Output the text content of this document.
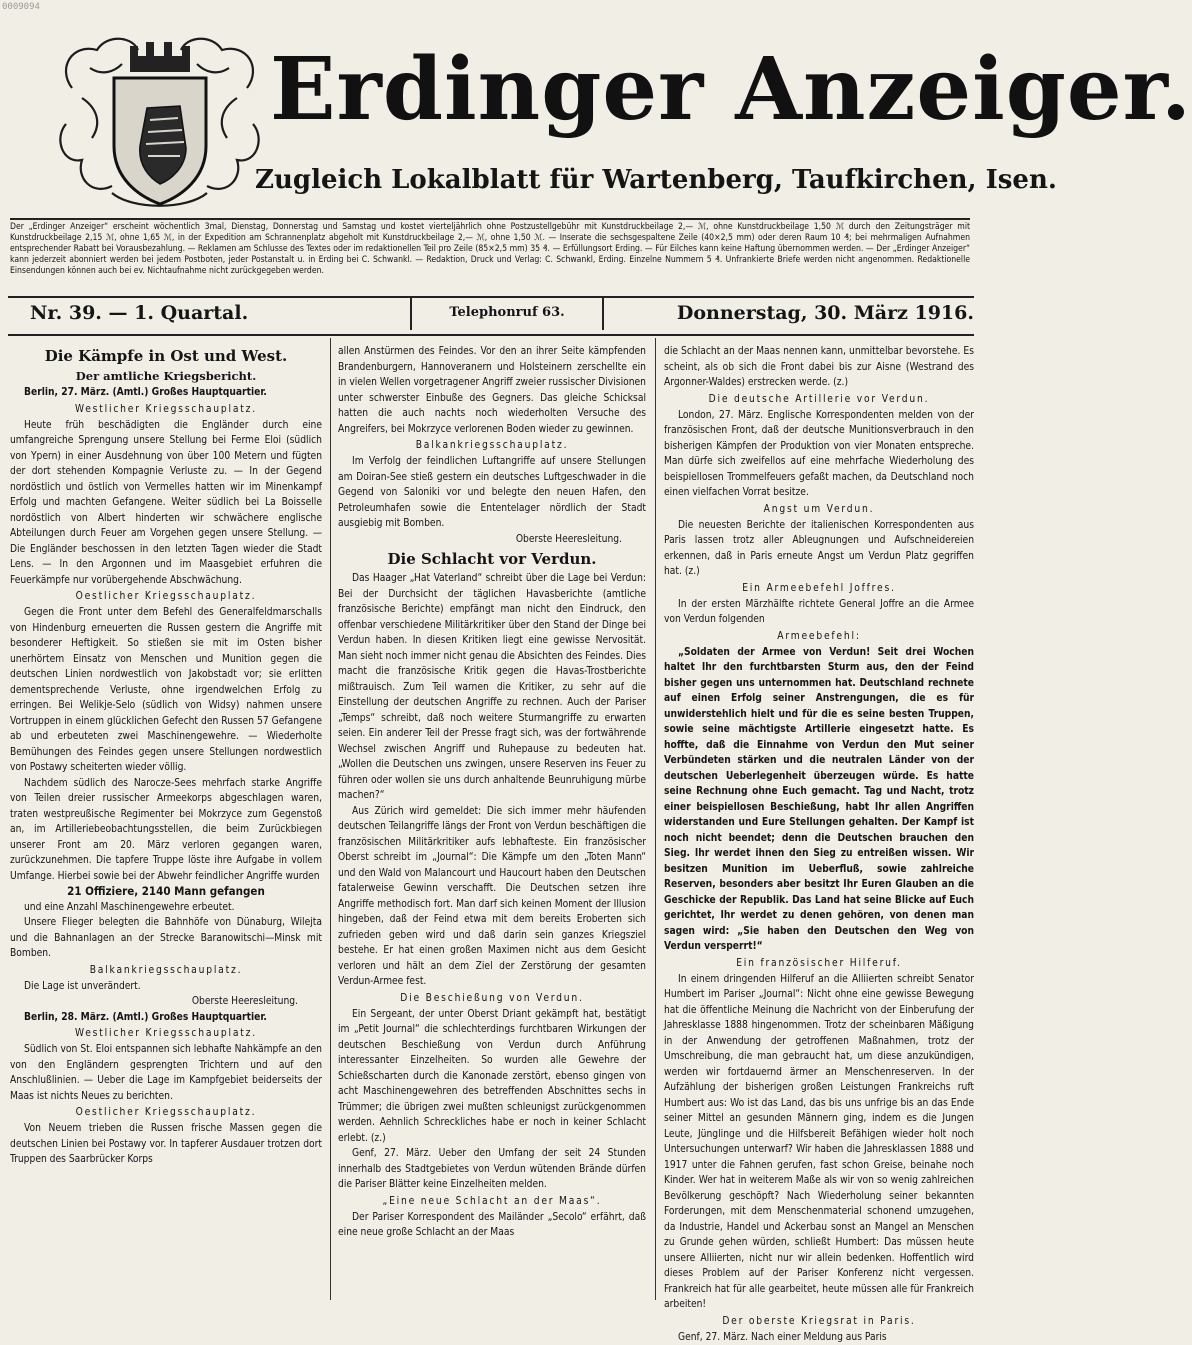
0009094
Erdinger Anzeiger.
Zugleich Lokalblatt für Wartenberg, Taufkirchen, Isen.
Der „Erdinger Anzeiger“ erscheint wöchentlich 3mal, Dienstag, Donnerstag und Samstag und kostet vierteljährlich ohne Postzustellgebühr mit Kunstdruckbeilage 2,— ℳ, ohne Kunstdruckbeilage 1,50 ℳ durch den Zeitungsträger mit Kunstdruckbeilage 2,15 ℳ, ohne 1,65 ℳ, in der Expedition am Schrannenplatz abgeholt mit Kunstdruckbeilage 2,— ℳ, ohne 1,50 ℳ. — Inserate die sechsgespaltene Zeile (40×2,5 mm) oder deren Raum 10 ₰; bei mehrmaligen Aufnahmen entsprechender Rabatt bei Vorausbezahlung. — Reklamen am Schlusse des Textes oder im redaktionellen Teil pro Zeile (85×2,5 mm) 35 ₰. — Erfüllungsort Erding. — Für Eilches kann keine Haftung übernommen werden. — Der „Erdinger Anzeiger“ kann jederzeit abonniert werden bei jedem Postboten, jeder Postanstalt u. in Erding bei C. Schwankl. — Redaktion, Druck und Verlag: C. Schwankl, Erding. Einzelne Nummern 5 ₰. Unfrankierte Briefe werden nicht angenommen. Redaktionelle Einsendungen können auch bei ev. Nichtaufnahme nicht zurückgegeben werden.
Nr. 39. — 1. Quartal.	Telephonruf 63.	Donnerstag, 30. März 1916.
Die Kämpfe in Ost und West.
Der amtliche Kriegsbericht.

Berlin, 27. März. (Amtl.) Großes Hauptquartier.

Westlicher Kriegsschauplatz.

Heute früh beschädigten die Engländer durch eine umfangreiche Sprengung unsere Stellung bei Ferme Eloi (südlich von Ypern) in einer Ausdehnung von über 100 Metern und fügten der dort stehenden Kompagnie Verluste zu. — In der Gegend nordöstlich und östlich von Vermelles hatten wir im Minenkampf Erfolg und machten Gefangene. Weiter südlich bei La Boisselle nordöstlich von Albert hinderten wir schwächere englische Abteilungen durch Feuer am Vorgehen gegen unsere Stellung. — Die Engländer beschossen in den letzten Tagen wieder die Stadt Lens. — In den Argonnen und im Maasgebiet erfuhren die Feuerkämpfe nur vorübergehende Abschwächung.

Oestlicher Kriegsschauplatz.

Gegen die Front unter dem Befehl des Generalfeldmarschalls von Hindenburg erneuerten die Russen gestern die Angriffe mit besonderer Heftigkeit. So stießen sie mit im Osten bisher unerhörtem Einsatz von Menschen und Munition gegen die deutschen Linien nordwestlich von Jakobstadt vor; sie erlitten dementsprechende Verluste, ohne irgendwelchen Erfolg zu erringen. Bei Welikje-Selo (südlich von Widsy) nahmen unsere Vortruppen in einem glücklichen Gefecht den Russen 57 Gefangene ab und erbeuteten zwei Maschinengewehre. — Wiederholte Bemühungen des Feindes gegen unsere Stellungen nordwestlich von Postawy scheiterten wieder völlig.

Nachdem südlich des Narocze-Sees mehrfach starke Angriffe von Teilen dreier russischer Armeekorps abgeschlagen waren, traten westpreußische Regimenter bei Mokrzyce zum Gegenstoß an, im Artilleriebeobachtungsstellen, die beim Zurückbiegen unserer Front am 20. März verloren gegangen waren, zurückzunehmen. Die tapfere Truppe löste ihre Aufgabe in vollem Umfange. Hierbei sowie bei der Abwehr feindlicher Angriffe wurden

21 Offiziere, 2140 Mann gefangen

und eine Anzahl Maschinengewehre erbeutet.

Unsere Flieger belegten die Bahnhöfe von Dünaburg, Wilejta und die Bahnanlagen an der Strecke Baranowitschi—Minsk mit Bomben.

Balkankriegsschauplatz.

Die Lage ist unverändert.

Oberste Heeresleitung.

Berlin, 28. März. (Amtl.) Großes Hauptquartier.

Westlicher Kriegsschauplatz.

Südlich von St. Eloi entspannen sich lebhafte Nahkämpfe an den von den Engländern gesprengten Trichtern und auf den Anschlußlinien. — Ueber die Lage im Kampfgebiet beiderseits der Maas ist nichts Neues zu berichten.

Oestlicher Kriegsschauplatz.

Von Neuem trieben die Russen frische Massen gegen die deutschen Linien bei Postawy vor. In tapferer Ausdauer trotzen dort Truppen des Saarbrücker Korps

allen Anstürmen des Feindes. Vor den an ihrer Seite kämpfenden Brandenburgern, Hannoveranern und Holsteinern zerschellte ein in vielen Wellen vorgetragener Angriff zweier russischer Divisionen unter schwerster Einbuße des Gegners. Das gleiche Schicksal hatten die auch nachts noch wiederholten Versuche des Angreifers, bei Mokrzyce verlorenen Boden wieder zu gewinnen.

Balkankriegsschauplatz.

Im Verfolg der feindlichen Luftangriffe auf unsere Stellungen am Doiran-See stieß gestern ein deutsches Luftgeschwader in die Gegend von Saloniki vor und belegte den neuen Hafen, den Petroleumhafen sowie die Ententelager nördlich der Stadt ausgiebig mit Bomben.

Oberste Heeresleitung.

Die Schlacht vor Verdun.

Das Haager „Hat Vaterland“ schreibt über die Lage bei Verdun: Bei der Durchsicht der täglichen Havasberichte (amtliche französische Berichte) empfängt man nicht den Eindruck, den offenbar verschiedene Militärkritiker über den Stand der Dinge bei Verdun haben. In diesen Kritiken liegt eine gewisse Nervosität. Man sieht noch immer nicht genau die Absichten des Feindes. Dies macht die französische Kritik gegen die Havas-Trostberichte mißtrauisch. Zum Teil warnen die Kritiker, zu sehr auf die Einstellung der deutschen Angriffe zu rechnen. Auch der Pariser „Temps“ schreibt, daß noch weitere Sturmangriffe zu erwarten seien. Ein anderer Teil der Presse fragt sich, was der fortwährende Wechsel zwischen Angriff und Ruhepause zu bedeuten hat. „Wollen die Deutschen uns zwingen, unsere Reserven ins Feuer zu führen oder wollen sie uns durch anhaltende Beunruhigung mürbe machen?“

Aus Zürich wird gemeldet: Die sich immer mehr häufenden deutschen Teilangriffe längs der Front von Verdun beschäftigen die französischen Militärkritiker aufs lebhafteste. Ein französischer Oberst schreibt im „Journal“: Die Kämpfe um den „Toten Mann“ und den Wald von Malancourt und Haucourt haben den Deutschen fatalerweise Gewinn verschafft. Die Deutschen setzen ihre Angriffe methodisch fort. Man darf sich keinen Moment der Illusion hingeben, daß der Feind etwa mit dem bereits Eroberten sich zufrieden geben wird und daß darin sein ganzes Kriegsziel bestehe. Er hat einen großen Maximen nicht aus dem Gesicht verloren und hält an dem Ziel der Zerstörung der gesamten Verdun-Armee fest.

Die Beschießung von Verdun.

Ein Sergeant, der unter Oberst Driant gekämpft hat, bestätigt im „Petit Journal“ die schlechterdings furchtbaren Wirkungen der deutschen Beschießung von Verdun durch Anführung interessanter Einzelheiten. So wurden alle Gewehre der Schießscharten durch die Kanonade zerstört, ebenso gingen von acht Maschinengewehren des betreffenden Abschnittes sechs in Trümmer; die übrigen zwei mußten schleunigst zurückgenommen werden. Aehnlich Schreckliches habe er noch in keiner Schlacht erlebt. (z.)

Genf, 27. März. Ueber den Umfang der seit 24 Stunden innerhalb des Stadtgebietes von Verdun wütenden Brände dürfen die Pariser Blätter keine Einzelheiten melden.

„Eine neue Schlacht an der Maas“.

Der Pariser Korrespondent des Mailänder „Secolo“ erfährt, daß eine neue große Schlacht an der Maas

die Schlacht an der Maas nennen kann, unmittelbar bevorstehe. Es scheint, als ob sich die Front dabei bis zur Aisne (Westrand des Argonner-Waldes) erstrecken werde. (z.)

Die deutsche Artillerie vor Verdun.

London, 27. März. Englische Korrespondenten melden von der französischen Front, daß der deutsche Munitionsverbrauch in den bisherigen Kämpfen der Produktion von vier Monaten entspreche. Man dürfe sich zweifellos auf eine mehrfache Wiederholung des beispiellosen Trommelfeuers gefaßt machen, da Deutschland noch einen vielfachen Vorrat besitze.

Angst um Verdun.

Die neuesten Berichte der italienischen Korrespondenten aus Paris lassen trotz aller Ableugnungen und Aufschneidereien erkennen, daß in Paris erneute Angst um Verdun Platz gegriffen hat. (z.)

Ein Armeebefehl Joffres.

In der ersten Märzhälfte richtete General Joffre an die Armee von Verdun folgenden

Armeebefehl:

„Soldaten der Armee von Verdun! Seit drei Wochen haltet Ihr den furchtbarsten Sturm aus, den der Feind bisher gegen uns unternommen hat. Deutschland rechnete auf einen Erfolg seiner Anstrengungen, die es für unwiderstehlich hielt und für die es seine besten Truppen, sowie seine mächtigste Artillerie eingesetzt hatte. Es hoffte, daß die Einnahme von Verdun den Mut seiner Verbündeten stärken und die neutralen Länder von der deutschen Ueberlegenheit überzeugen würde. Es hatte seine Rechnung ohne Euch gemacht. Tag und Nacht, trotz einer beispiellosen Beschießung, habt Ihr allen Angriffen widerstanden und Eure Stellungen gehalten. Der Kampf ist noch nicht beendet; denn die Deutschen brauchen den Sieg. Ihr werdet ihnen den Sieg zu entreißen wissen. Wir besitzen Munition im Ueberfluß, sowie zahlreiche Reserven, besonders aber besitzt Ihr Euren Glauben an die Geschicke der Republik. Das Land hat seine Blicke auf Euch gerichtet, Ihr werdet zu denen gehören, von denen man sagen wird: „Sie haben den Deutschen den Weg von Verdun versperrt!“

Ein französischer Hilferuf.

In einem dringenden Hilferuf an die Alliierten schreibt Senator Humbert im Pariser „Journal“: Nicht ohne eine gewisse Bewegung hat die öffentliche Meinung die Nachricht von der Einberufung der Jahresklasse 1888 hingenommen. Trotz der scheinbaren Mäßigung in der Anwendung der getroffenen Maßnahmen, trotz der Umschreibung, die man gebraucht hat, um diese anzukündigen, werden wir fortdauernd ärmer an Menschenreserven. In der Aufzählung der bisherigen großen Leistungen Frankreichs ruft Humbert aus: Wo ist das Land, das bis uns unfrige bis an das Ende seiner Mittel an gesunden Männern ging, indem es die Jungen Leute, Jünglinge und die Hilfsbereit Befähigen wieder holt noch Untersuchungen unterwarf? Wir haben die Jahresklassen 1888 und 1917 unter die Fahnen gerufen, fast schon Greise, beinahe noch Kinder. Wer hat in weiterem Maße als wir von so wenig zahlreichen Bevölkerung geschöpft? Nach Wiederholung seiner bekannten Forderungen, mit dem Menschenmaterial schonend umzugehen, da Industrie, Handel und Ackerbau sonst an Mangel an Menschen zu Grunde gehen würden, schließt Humbert: Das müssen heute unsere Alliierten, nicht nur wir allein bedenken. Hoffentlich wird dieses Problem auf der Pariser Konferenz nicht vergessen. Frankreich hat für alle gearbeitet, heute müssen alle für Frankreich arbeiten!

Der oberste Kriegsrat in Paris.

Genf, 27. März. Nach einer Meldung aus Paris
